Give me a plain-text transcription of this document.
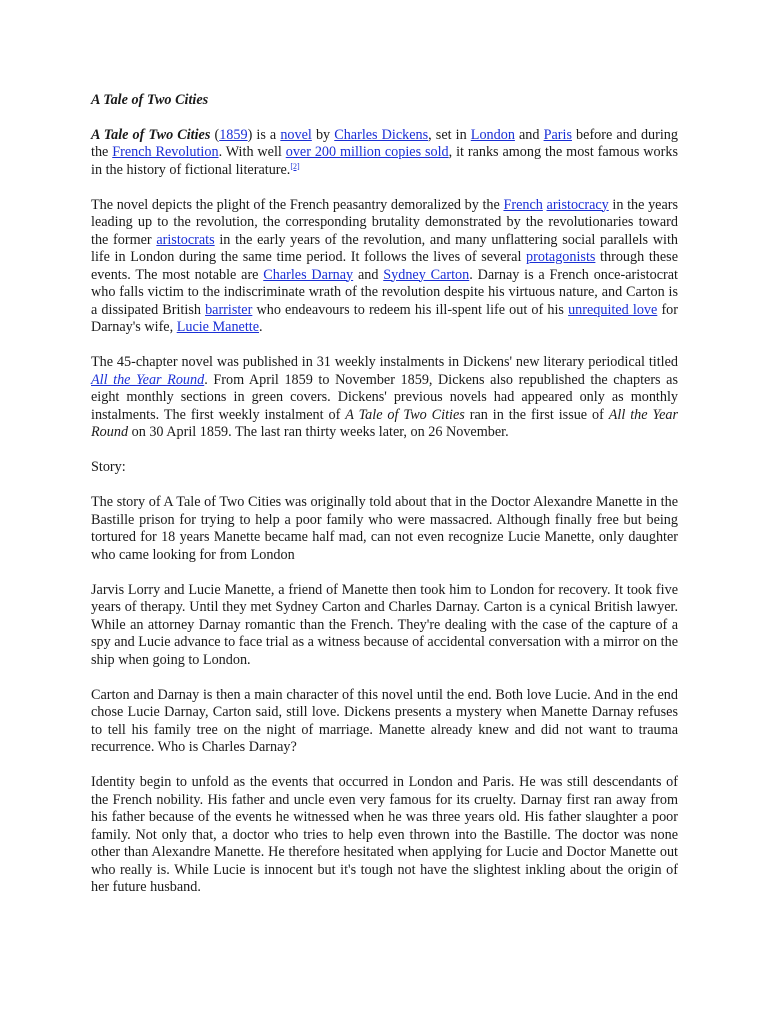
A Tale of Two Cities

A Tale of Two Cities (1859) is a novel by Charles Dickens, set in London and Paris before and during the French Revolution. With well over 200 million copies sold, it ranks among the most famous works in the history of fictional literature.[2]

The novel depicts the plight of the French peasantry demoralized by the French aristocracy in the years leading up to the revolution, the corresponding brutality demonstrated by the revolutionaries toward the former aristocrats in the early years of the revolution, and many unflattering social parallels with life in London during the same time period. It follows the lives of several protagonists through these events. The most notable are Charles Darnay and Sydney Carton. Darnay is a French once-aristocrat who falls victim to the indiscriminate wrath of the revolution despite his virtuous nature, and Carton is a dissipated British barrister who endeavours to redeem his ill-spent life out of his unrequited love for Darnay's wife, Lucie Manette.

The 45-chapter novel was published in 31 weekly instalments in Dickens' new literary periodical titled All the Year Round. From April 1859 to November 1859, Dickens also republished the chapters as eight monthly sections in green covers. Dickens' previous novels had appeared only as monthly instalments. The first weekly instalment of A Tale of Two Cities ran in the first issue of All the Year Round on 30 April 1859. The last ran thirty weeks later, on 26 November.

Story:

The story of A Tale of Two Cities was originally told about that in the Doctor Alexandre Manette in the Bastille prison for trying to help a poor family who were massacred. Although finally free but being tortured for 18 years Manette became half mad, can not even recognize Lucie Manette, only daughter who came looking for from London

Jarvis Lorry and Lucie Manette, a friend of Manette then took him to London for recovery. It took five years of therapy. Until they met Sydney Carton and Charles Darnay. Carton is a cynical British lawyer. While an attorney Darnay romantic than the French. They're dealing with the case of the capture of a spy and Lucie advance to face trial as a witness because of accidental conversation with a mirror on the ship when going to London.

Carton and Darnay is then a main character of this novel until the end. Both love Lucie. And in the end chose Lucie Darnay, Carton said, still love. Dickens presents a mystery when Manette Darnay refuses to tell his family tree on the night of marriage. Manette already knew and did not want to trauma recurrence. Who is Charles Darnay?

Identity begin to unfold as the events that occurred in London and Paris. He was still descendants of the French nobility. His father and uncle even very famous for its cruelty. Darnay first ran away from his father because of the events he witnessed when he was three years old. His father slaughter a poor family. Not only that, a doctor who tries to help even thrown into the Bastille. The doctor was none other than Alexandre Manette. He therefore hesitated when applying for Lucie and Doctor Manette out who really is. While Lucie is innocent but it's tough not have the slightest inkling about the origin of her future husband.
